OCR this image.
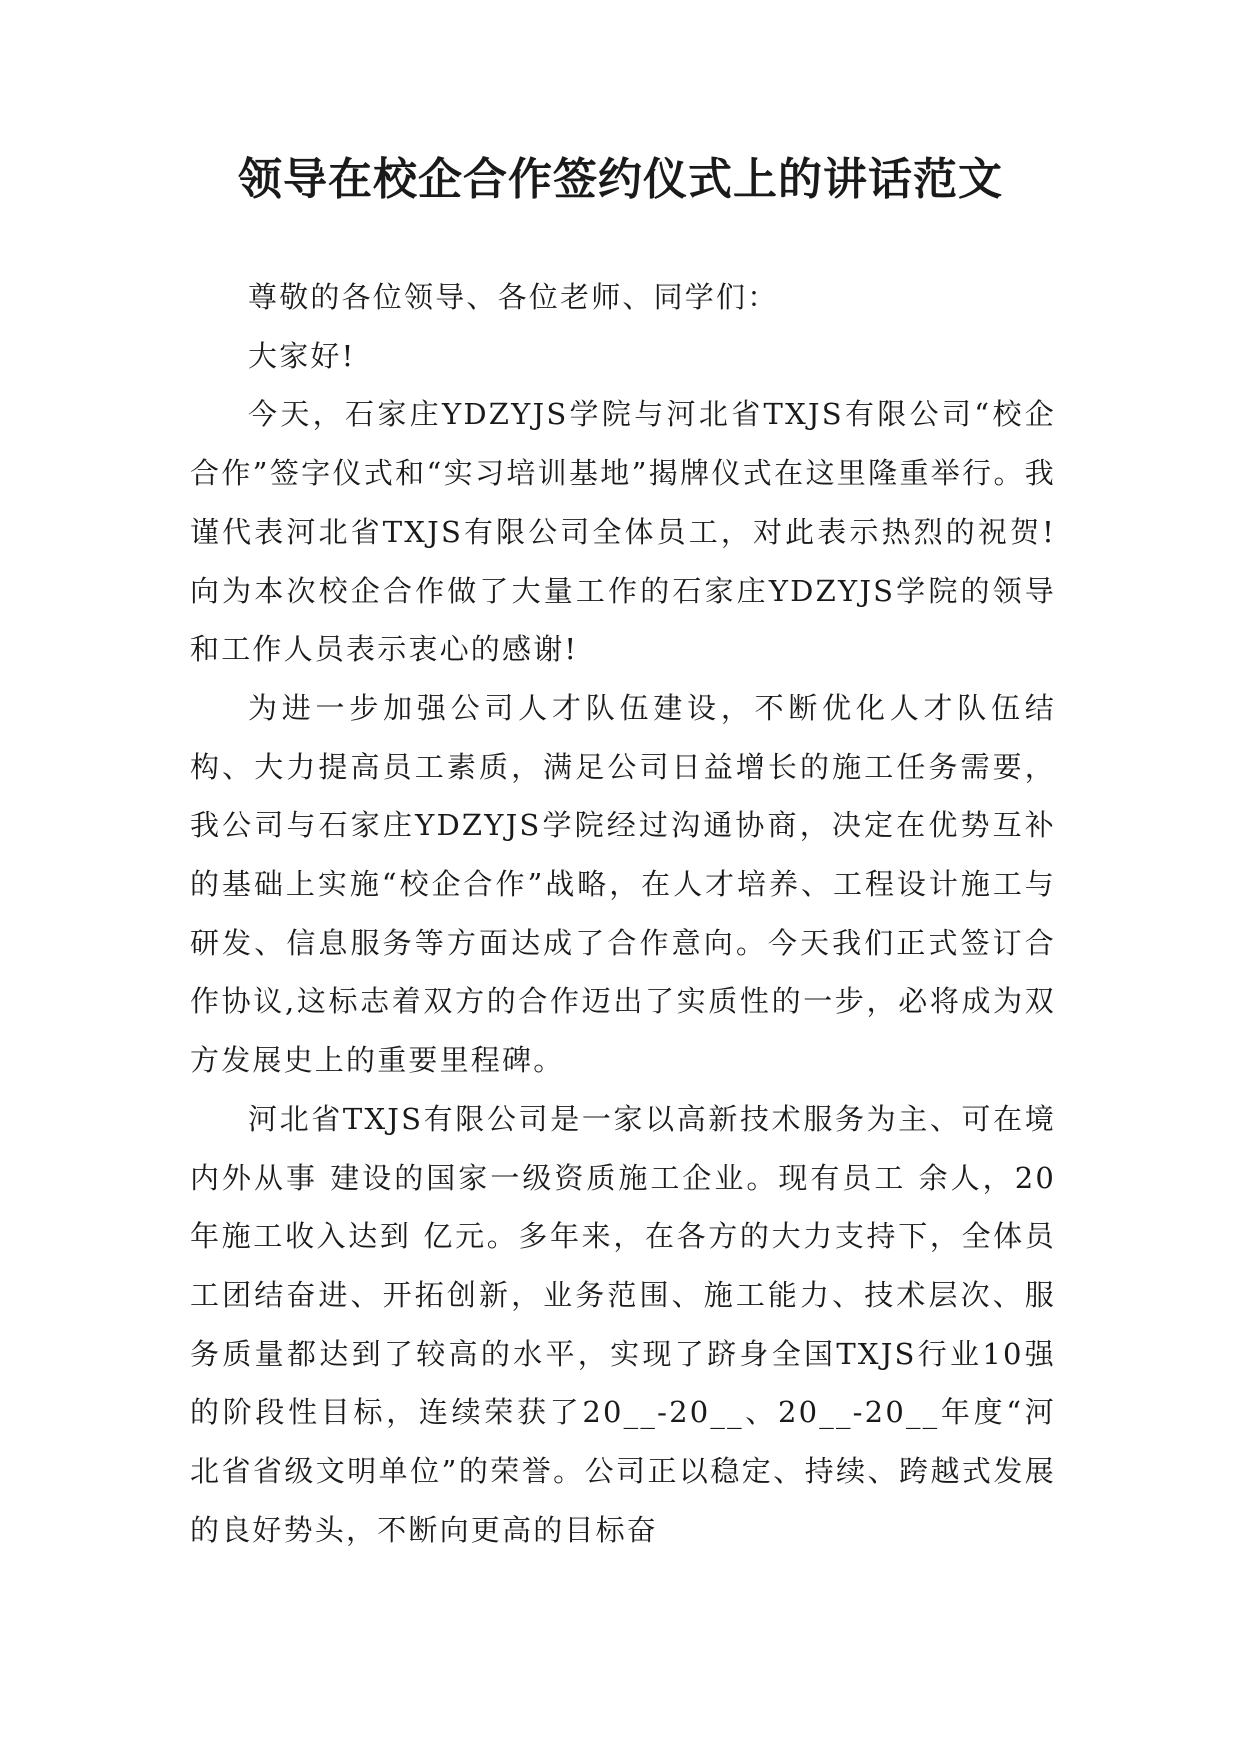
领导在校企合作签约仪式上的讲话范文

尊敬的各位领导、各位老师、同学们：

大家好!

今天，石家庄YDZYJS学院与河北省TXJS有限公司“校企合作”签字仪式和“实习培训基地”揭牌仪式在这里隆重举行。我谨代表河北省TXJS有限公司全体员工，对此表示热烈的祝贺!向为本次校企合作做了大量工作的石家庄YDZYJS学院的领导和工作人员表示衷心的感谢!

为进一步加强公司人才队伍建设，不断优化人才队伍结构、大力提高员工素质，满足公司日益增长的施工任务需要，我公司与石家庄YDZYJS学院经过沟通协商，决定在优势互补的基础上实施“校企合作”战略，在人才培养、工程设计施工与研发、信息服务等方面达成了合作意向。今天我们正式签订合作协议,这标志着双方的合作迈出了实质性的一步，必将成为双方发展史上的重要里程碑。

河北省TXJS有限公司是一家以高新技术服务为主、可在境内外从事 建设的国家一级资质施工企业。现有员工 余人，20 年施工收入达到 亿元。多年来，在各方的大力支持下，全体员工团结奋进、开拓创新，业务范围、施工能力、技术层次、服务质量都达到了较高的水平，实现了跻身全国TXJS行业10强的阶段性目标，连续荣获了20__-20__、20__-20__年度“河北省省级文明单位”的荣誉。公司正以稳定、持续、跨越式发展的良好势头，不断向更高的目标奋
